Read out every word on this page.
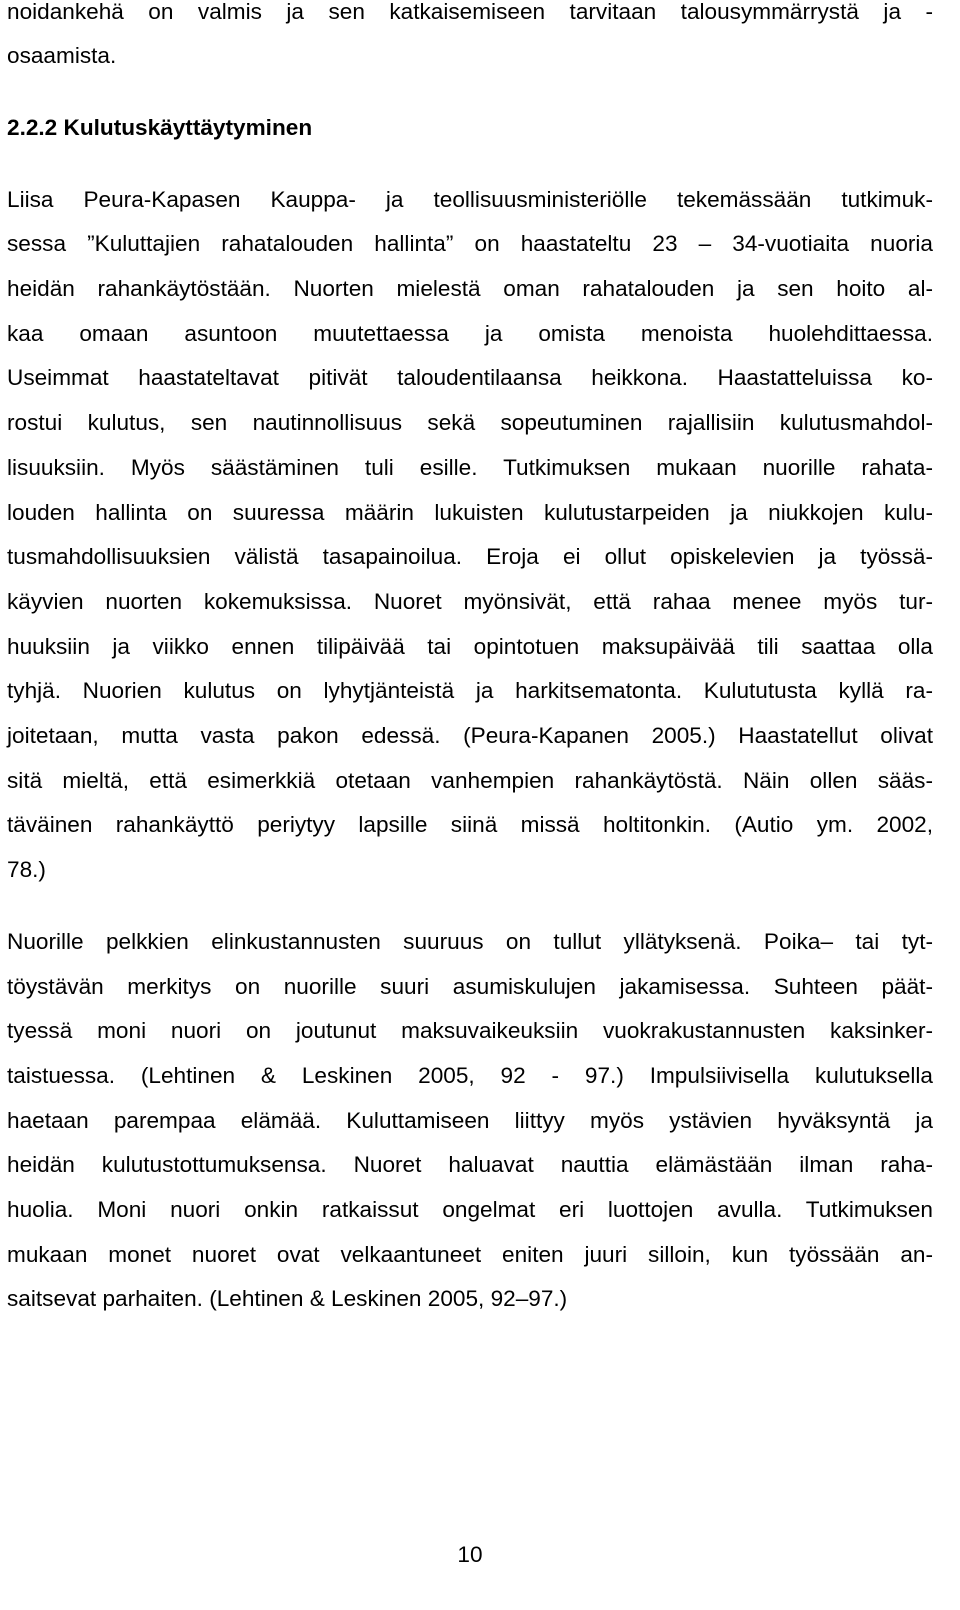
noidankehä on valmis ja sen katkaisemiseen tarvitaan talousymmärrystä ja -
osaamista.
2.2.2 Kulutuskäyttäytyminen
Liisa Peura-Kapasen Kauppa- ja teollisuusministeriölle tekemässään tutkimuk-
sessa ”Kuluttajien rahatalouden hallinta” on haastateltu 23 – 34-vuotiaita nuoria
heidän rahankäytöstään. Nuorten mielestä oman rahatalouden ja sen hoito al-
kaa omaan asuntoon muutettaessa ja omista menoista huolehdittaessa.
Useimmat haastateltavat pitivät taloudentilaansa heikkona. Haastatteluissa ko-
rostui kulutus, sen nautinnollisuus sekä sopeutuminen rajallisiin kulutusmahdol-
lisuuksiin. Myös säästäminen tuli esille. Tutkimuksen mukaan nuorille rahata-
louden hallinta on suuressa määrin lukuisten kulutustarpeiden ja niukkojen kulu-
tusmahdollisuuksien välistä tasapainoilua. Eroja ei ollut opiskelevien ja työssä-
käyvien nuorten kokemuksissa. Nuoret myönsivät, että rahaa menee myös tur-
huuksiin ja viikko ennen tilipäivää tai opintotuen maksupäivää tili saattaa olla
tyhjä. Nuorien kulutus on lyhytjänteistä ja harkitsematonta. Kulututusta kyllä ra-
joitetaan, mutta vasta pakon edessä. (Peura-Kapanen 2005.) Haastatellut olivat
sitä mieltä, että esimerkkiä otetaan vanhempien rahankäytöstä. Näin ollen sääs-
täväinen rahankäyttö periytyy lapsille siinä missä holtitonkin. (Autio ym. 2002,
78.)
Nuorille pelkkien elinkustannusten suuruus on tullut yllätyksenä. Poika– tai tyt-
töystävän merkitys on nuorille suuri asumiskulujen jakamisessa. Suhteen päät-
tyessä moni nuori on joutunut maksuvaikeuksiin vuokrakustannusten kaksinker-
taistuessa. (Lehtinen & Leskinen 2005, 92 - 97.) Impulsiivisella kulutuksella
haetaan parempaa elämää. Kuluttamiseen liittyy myös ystävien hyväksyntä ja
heidän kulutustottumuksensa. Nuoret haluavat nauttia elämästään ilman raha-
huolia. Moni nuori onkin ratkaissut ongelmat eri luottojen avulla. Tutkimuksen
mukaan monet nuoret ovat velkaantuneet eniten juuri silloin, kun työssään an-
saitsevat parhaiten. (Lehtinen & Leskinen 2005, 92–97.)
10
